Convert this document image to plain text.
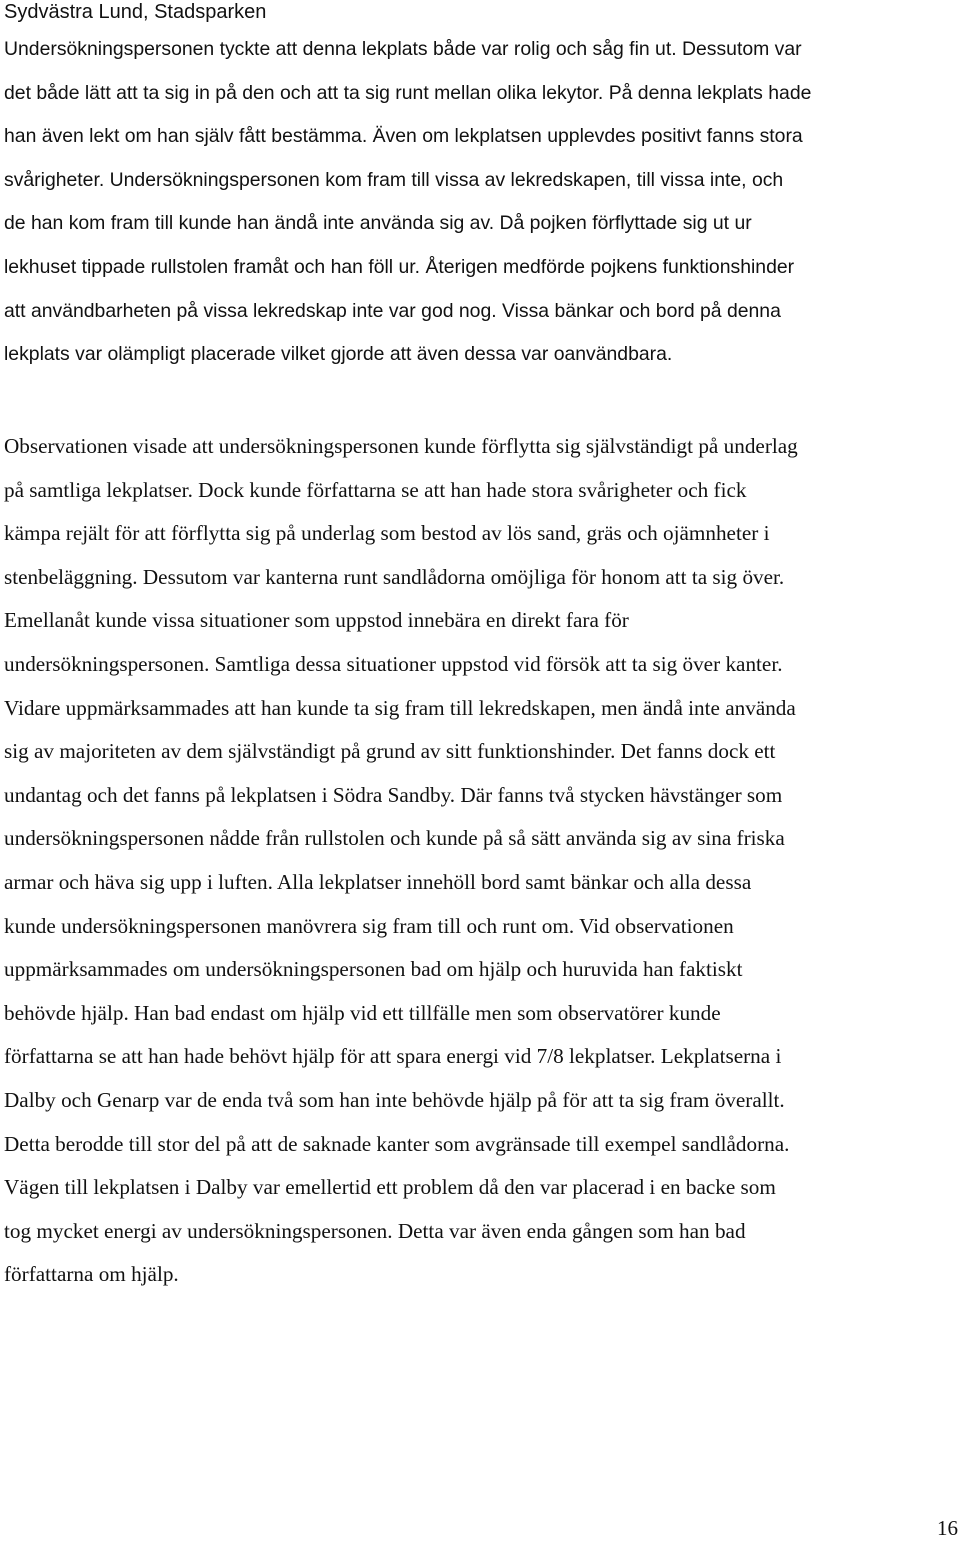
Sydvästra Lund, Stadsparken
Undersökningspersonen tyckte att denna lekplats både var rolig och såg fin ut. Dessutom var
det både lätt att ta sig in på den och att ta sig runt mellan olika lekytor. På denna lekplats hade
han även lekt om han själv fått bestämma. Även om lekplatsen upplevdes positivt fanns stora
svårigheter. Undersökningspersonen kom fram till vissa av lekredskapen, till vissa inte, och
de han kom fram till kunde han ändå inte använda sig av. Då pojken förflyttade sig ut ur
lekhuset tippade rullstolen framåt och han föll ur. Återigen medförde pojkens funktionshinder
att användbarheten på vissa lekredskap inte var god nog. Vissa bänkar och bord på denna
lekplats var olämpligt placerade vilket gjorde att även dessa var oanvändbara.
Observationen visade att undersökningspersonen kunde förflytta sig självständigt på underlag
på samtliga lekplatser. Dock kunde författarna se att han hade stora svårigheter och fick
kämpa rejält för att förflytta sig på underlag som bestod av lös sand, gräs och ojämnheter i
stenbeläggning. Dessutom var kanterna runt sandlådorna omöjliga för honom att ta sig över.
Emellanåt kunde vissa situationer som uppstod innebära en direkt fara för
undersökningspersonen. Samtliga dessa situationer uppstod vid försök att ta sig över kanter.
Vidare uppmärksammades att han kunde ta sig fram till lekredskapen, men ändå inte använda
sig av majoriteten av dem självständigt på grund av sitt funktionshinder. Det fanns dock ett
undantag och det fanns på lekplatsen i Södra Sandby. Där fanns två stycken hävstänger som
undersökningspersonen nådde från rullstolen och kunde på så sätt använda sig av sina friska
armar och häva sig upp i luften. Alla lekplatser innehöll bord samt bänkar och alla dessa
kunde undersökningspersonen manövrera sig fram till och runt om. Vid observationen
uppmärksammades om undersökningspersonen bad om hjälp och huruvida han faktiskt
behövde hjälp. Han bad endast om hjälp vid ett tillfälle men som observatörer kunde
författarna se att han hade behövt hjälp för att spara energi vid 7/8 lekplatser. Lekplatserna i
Dalby och Genarp var de enda två som han inte behövde hjälp på för att ta sig fram överallt.
Detta berodde till stor del på att de saknade kanter som avgränsade till exempel sandlådorna.
Vägen till lekplatsen i Dalby var emellertid ett problem då den var placerad i en backe som
tog mycket energi av undersökningspersonen. Detta var även enda gången som han bad
författarna om hjälp.
16
